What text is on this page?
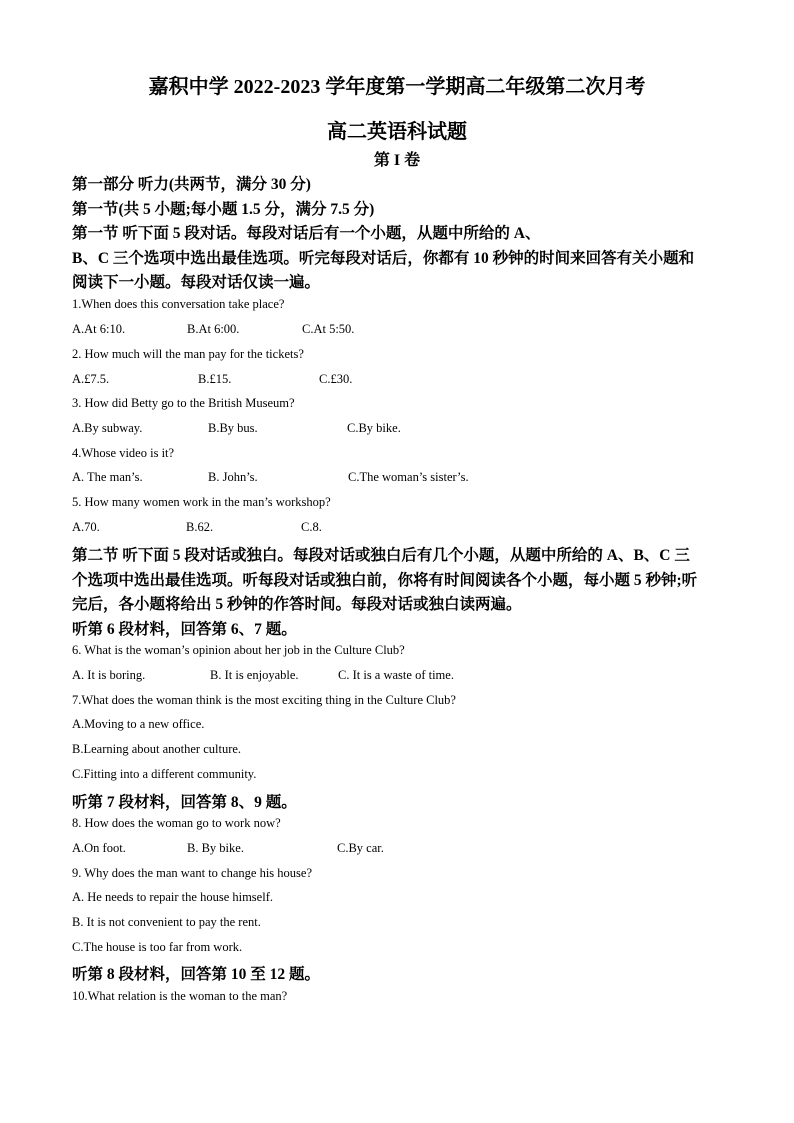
嘉积中学 2022-2023 学年度第一学期高二年级第二次月考
高二英语科试题
第 I 卷
第一部分 听力(共两节，满分 30 分)
第一节(共 5 小题;每小题 1.5 分，满分 7.5 分)
第一节 听下面 5 段对话。每段对话后有一个小题，从题中所给的 A、
B、C 三个选项中选出最佳选项。听完每段对话后，你都有 10 秒钟的时间来回答有关小题和
阅读下一小题。每段对话仅读一遍。
1.When does this conversation take place?
A.At 6:10.	B.At 6:00.	C.At 5:50.
2. How much will the man pay for the tickets?
A.£7.5.	B.£15.	C.£30.
3. How did Betty go to the British Museum?
A.By subway.	B.By bus.	C.By bike.
4.Whose video is it?
A. The man’s.	B. John’s.	C.The woman’s sister’s.
5. How many women work in the man’s workshop?
A.70.	B.62.	C.8.
第二节 听下面 5 段对话或独白。每段对话或独白后有几个小题，从题中所给的 A、B、C 三
个选项中选出最佳选项。听每段对话或独白前，你将有时间阅读各个小题，每小题 5 秒钟;听
完后，各小题将给出 5 秒钟的作答时间。每段对话或独白读两遍。
听第 6 段材料，回答第 6、7 题。
6. What is the woman’s opinion about her job in the Culture Club?
A. It is boring.	B. It is enjoyable.	C. It is a waste of time.
7.What does the woman think is the most exciting thing in the Culture Club?
A.Moving to a new office.
B.Learning about another culture.
C.Fitting into a different community.
听第 7 段材料，回答第 8、9 题。
8. How does the woman go to work now?
A.On foot.	B. By bike.	C.By car.
9. Why does the man want to change his house?
A. He needs to repair the house himself.
B. It is not convenient to pay the rent.
C.The house is too far from work.
听第 8 段材料，回答第 10 至 12 题。
10.What relation is the woman to the man?
